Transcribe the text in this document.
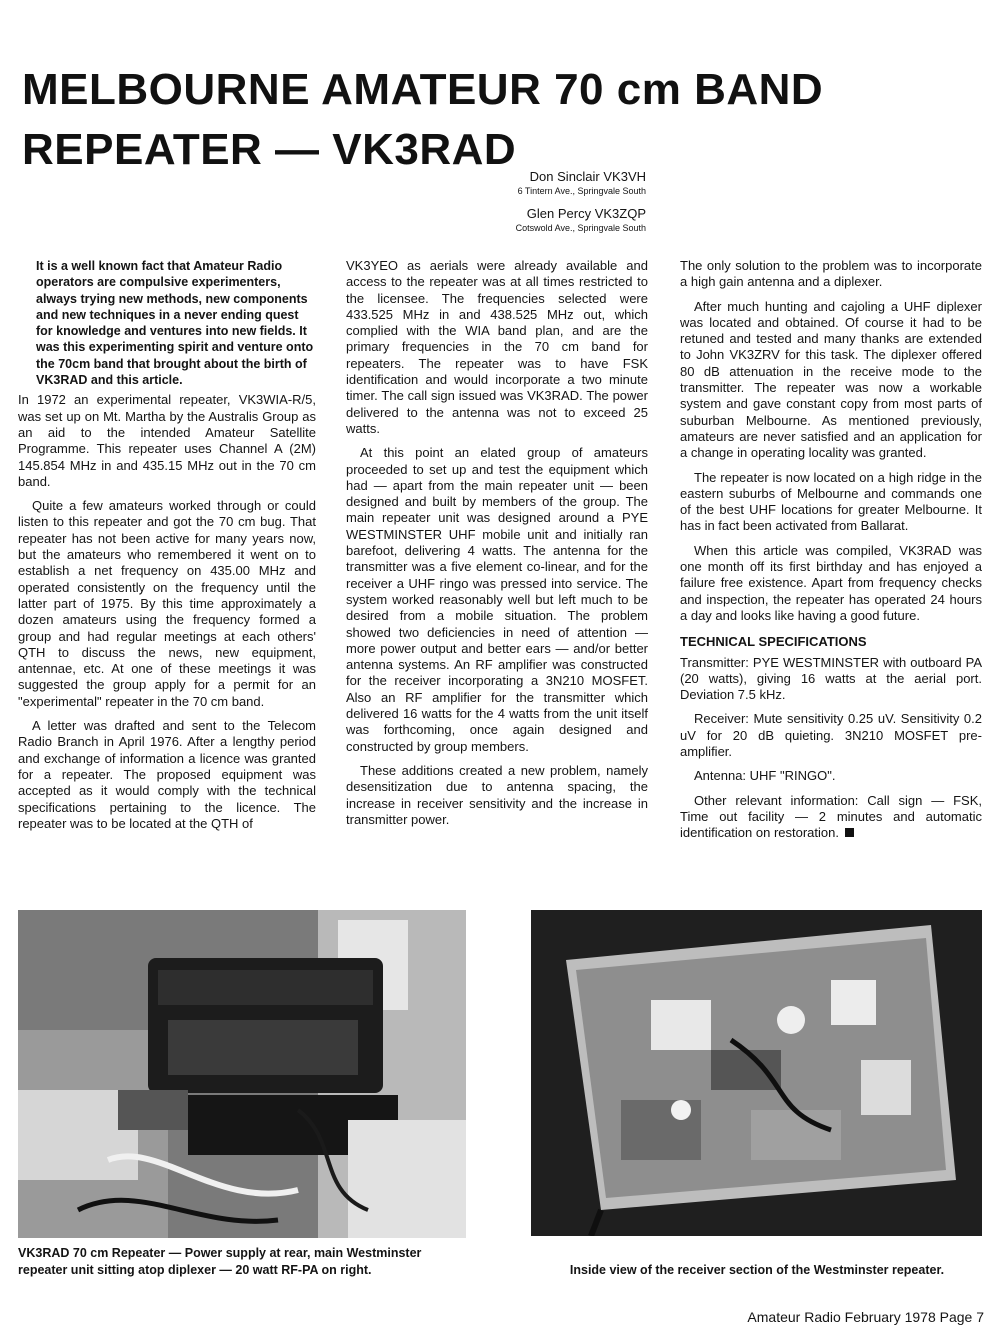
MELBOURNE AMATEUR 70 cm BAND REPEATER — VK3RAD
Don Sinclair VK3VH
6 Tintern Ave., Springvale South
Glen Percy VK3ZQP
Cotswold Ave., Springvale South

It is a well known fact that Amateur Radio operators are compulsive experimenters, always trying new methods, new components and new techniques in a never ending quest for knowledge and ventures into new fields. It was this experimenting spirit and venture onto the 70cm band that brought about the birth of VK3RAD and this article.

In 1972 an experimental repeater, VK3WIA-R/5, was set up on Mt. Martha by the Australis Group as an aid to the intended Amateur Satellite Programme. This repeater uses Channel A (2M) 145.854 MHz in and 435.15 MHz out in the 70 cm band.

Quite a few amateurs worked through or could listen to this repeater and got the 70 cm bug. That repeater has not been active for many years now, but the amateurs who remembered it went on to establish a net frequency on 435.00 MHz and operated consistently on the frequency until the latter part of 1975. By this time approximately a dozen amateurs using the frequency formed a group and had regular meetings at each others' QTH to discuss the news, new equipment, antennae, etc. At one of these meetings it was suggested the group apply for a permit for an "experimental" repeater in the 70 cm band.

A letter was drafted and sent to the Telecom Radio Branch in April 1976. After a lengthy period and exchange of information a licence was granted for a repeater. The proposed equipment was accepted as it would comply with the technical specifications pertaining to the licence. The repeater was to be located at the QTH of

VK3YEO as aerials were already available and access to the repeater was at all times restricted to the licensee. The frequencies selected were 433.525 MHz in and 438.525 MHz out, which complied with the WIA band plan, and are the primary frequencies in the 70 cm band for repeaters. The repeater was to have FSK identification and would incorporate a two minute timer. The call sign issued was VK3RAD. The power delivered to the antenna was not to exceed 25 watts.

At this point an elated group of amateurs proceeded to set up and test the equipment which had — apart from the main repeater unit — been designed and built by members of the group. The main repeater unit was designed around a PYE WESTMINSTER UHF mobile unit and initially ran barefoot, delivering 4 watts. The antenna for the transmitter was a five element co-linear, and for the receiver a UHF ringo was pressed into service. The system worked reasonably well but left much to be desired from a mobile situation. The problem showed two deficiencies in need of attention — more power output and better ears — and/or better antenna systems. An RF amplifier was constructed for the receiver incorporating a 3N210 MOSFET. Also an RF amplifier for the transmitter which delivered 16 watts for the 4 watts from the unit itself was forthcoming, once again designed and constructed by group members.

These additions created a new problem, namely desensitization due to antenna spacing, the increase in receiver sensitivity and the increase in transmitter power.

The only solution to the problem was to incorporate a high gain antenna and a diplexer.

After much hunting and cajoling a UHF diplexer was located and obtained. Of course it had to be retuned and tested and many thanks are extended to John VK3ZRV for this task. The diplexer offered 80 dB attenuation in the receive mode to the transmitter. The repeater was now a workable system and gave constant copy from most parts of suburban Melbourne. As mentioned previously, amateurs are never satisfied and an application for a change in operating locality was granted.

The repeater is now located on a high ridge in the eastern suburbs of Melbourne and commands one of the best UHF locations for greater Melbourne. It has in fact been activated from Ballarat.

When this article was compiled, VK3RAD was one month off its first birthday and has enjoyed a failure free existence. Apart from frequency checks and inspection, the repeater has operated 24 hours a day and looks like having a good future.

TECHNICAL SPECIFICATIONS

Transmitter: PYE WESTMINSTER with outboard PA (20 watts), giving 16 watts at the aerial port. Deviation 7.5 kHz.

Receiver: Mute sensitivity 0.25 uV. Sensitivity 0.2 uV for 20 dB quieting. 3N210 MOSFET pre-amplifier.

Antenna: UHF "RINGO".

Other relevant information: Call sign — FSK, Time out facility — 2 minutes and automatic identification on restoration.

VK3RAD 70 cm Repeater — Power supply at rear, main Westminster repeater unit sitting atop diplexer — 20 watt RF-PA on right.	Inside view of the receiver section of the Westminster repeater.
Amateur Radio February 1978 Page 7
